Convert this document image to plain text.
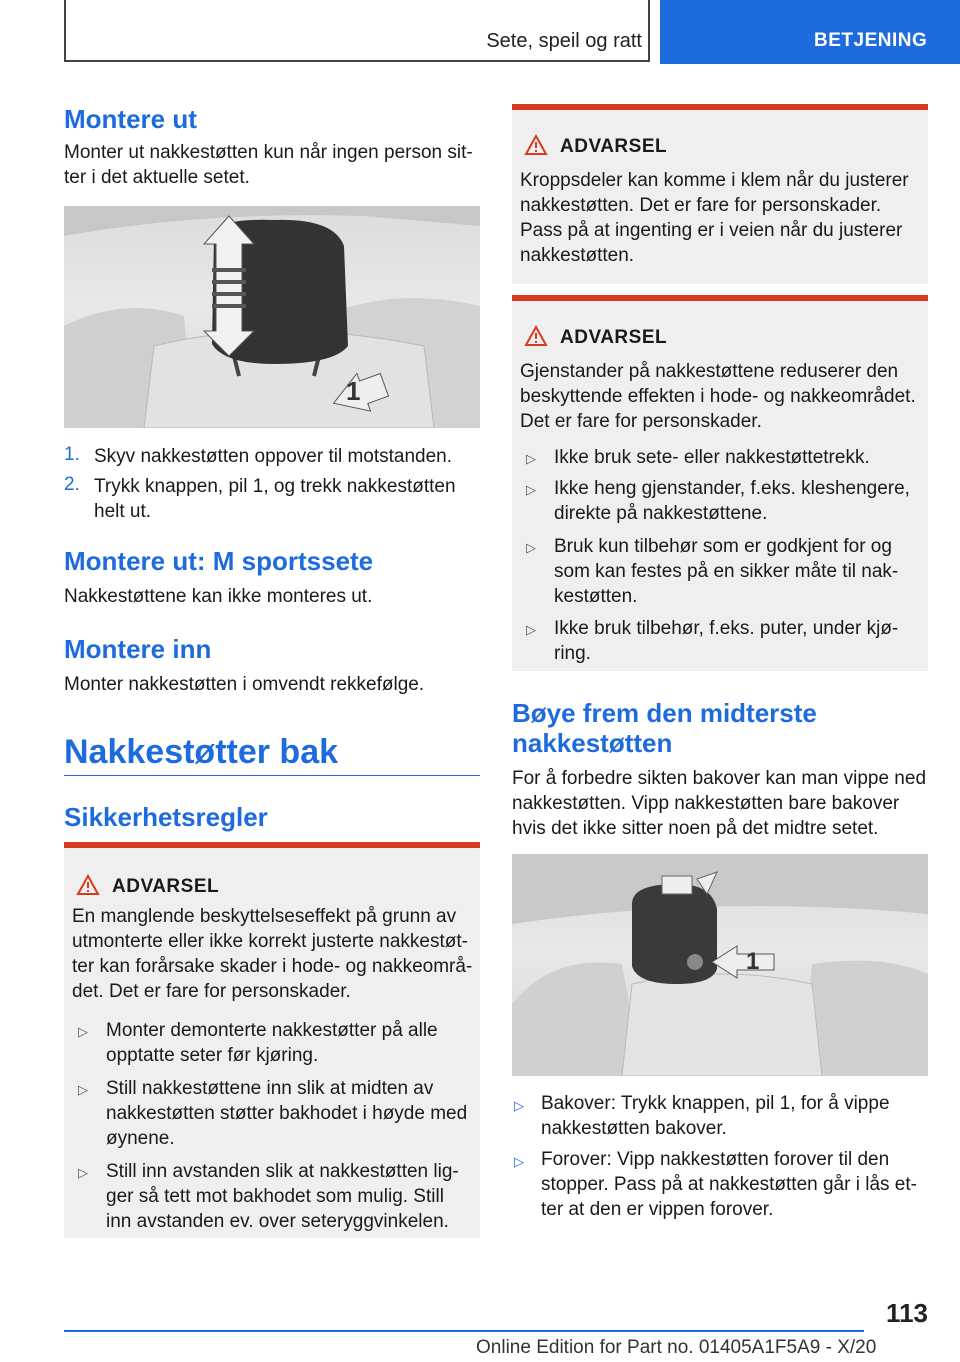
Sete, speil og ratt	BETJENING
Montere ut
Monter ut nakkestøtten kun når ingen person sit-ter i det aktuelle setet.
1
1. Skyv nakkestøtten oppover til motstanden.
2. Trykk knappen, pil 1, og trekk nakkestøtten helt ut.
Montere ut: M sportssete
Nakkestøttene kan ikke monteres ut.
Montere inn
Monter nakkestøtten i omvendt rekkefølge.
Nakkestøtter bak
Sikkerhetsregler
ADVARSEL
En manglende beskyttelseseffekt på grunn av utmonterte eller ikke korrekt justerte nakkestøt-ter kan forårsake skader i hode- og nakkeområ-det. Det er fare for personskader.
▷ Monter demonterte nakkestøtter på alle opptatte seter før kjøring.
▷ Still nakkestøttene inn slik at midten av nakkestøtten støtter bakhodet i høyde med øynene.
▷ Still inn avstanden slik at nakkestøtten lig-ger så tett mot bakhodet som mulig. Still inn avstanden ev. over seteryggvinkelen.
ADVARSEL
Kroppsdeler kan komme i klem når du justerer nakkestøtten. Det er fare for personskader. Pass på at ingenting er i veien når du justerer nakkestøtten.
ADVARSEL
Gjenstander på nakkestøttene reduserer den beskyttende effekten i hode- og nakkeområdet. Det er fare for personskader.
▷ Ikke bruk sete- eller nakkestøttetrekk.
▷ Ikke heng gjenstander, f.eks. kleshengere, direkte på nakkestøttene.
▷ Bruk kun tilbehør som er godkjent for og som kan festes på en sikker måte til nak-kestøtten.
▷ Ikke bruk tilbehør, f.eks. puter, under kjø-ring.
Bøye frem den midterste nakkestøtten
For å forbedre sikten bakover kan man vippe ned nakkestøtten. Vipp nakkestøtten bare bakover hvis det ikke sitter noen på det midtre setet.
1
▷ Bakover: Trykk knappen, pil 1, for å vippe nakkestøtten bakover.
▷ Forover: Vipp nakkestøtten forover til den stopper. Pass på at nakkestøtten går i lås et-ter at den er vippen forover.
113
Online Edition for Part no. 01405A1F5A9 - X/20
